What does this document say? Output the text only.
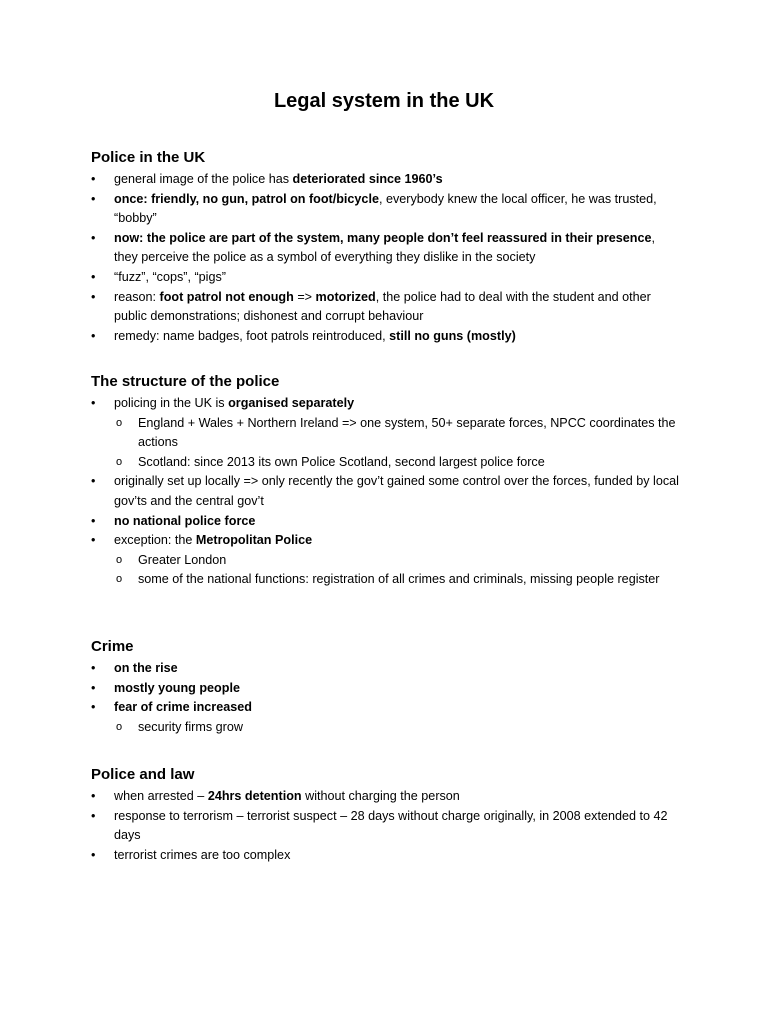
Legal system in the UK
Police in the UK
• general image of the police has deteriorated since 1960’s
• once: friendly, no gun, patrol on foot/bicycle, everybody knew the local officer, he was trusted, “bobby”
• now: the police are part of the system, many people don’t feel reassured in their presence, they perceive the police as a symbol of everything they dislike in the society
• “fuzz”, “cops”, “pigs”
• reason: foot patrol not enough => motorized, the police had to deal with the student and other public demonstrations; dishonest and corrupt behaviour
• remedy: name badges, foot patrols reintroduced, still no guns (mostly)
The structure of the police
• policing in the UK is organised separately
o England + Wales + Northern Ireland => one system, 50+ separate forces, NPCC coordinates the actions
o Scotland: since 2013 its own Police Scotland, second largest police force
• originally set up locally => only recently the gov’t gained some control over the forces, funded by local gov’ts and the central gov’t
• no national police force
• exception: the Metropolitan Police
o Greater London
o some of the national functions: registration of all crimes and criminals, missing people register
Crime
• on the rise
• mostly young people
• fear of crime increased
o security firms grow
Police and law
• when arrested – 24hrs detention without charging the person
• response to terrorism – terrorist suspect – 28 days without charge originally, in 2008 extended to 42 days
• terrorist crimes are too complex
